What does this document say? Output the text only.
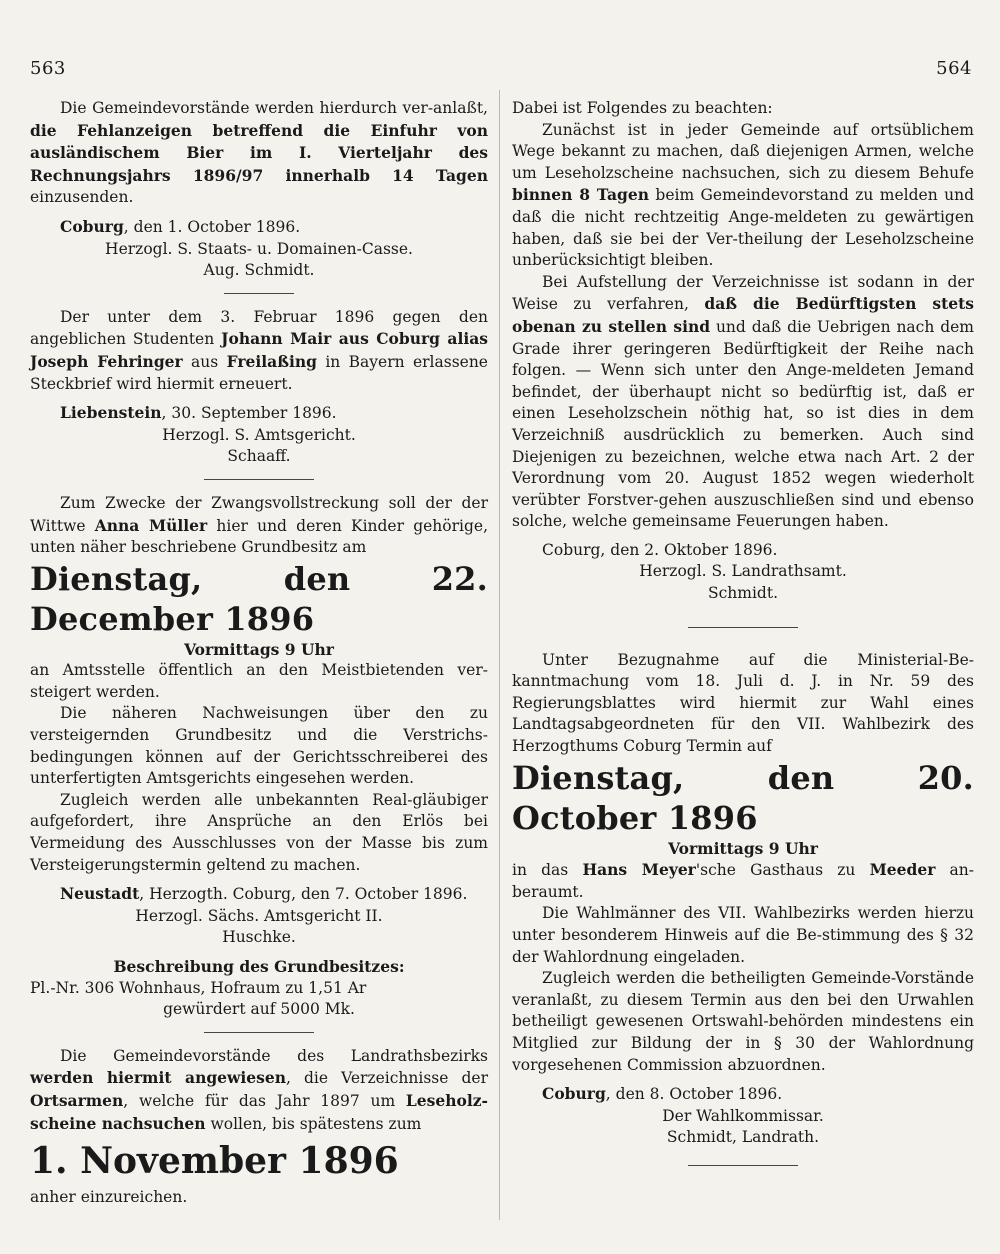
563	564

Die Gemeindevorstände werden hierdurch ver-anlaßt, die Fehlanzeigen betreffend die Einfuhr von ausländischem Bier im I. Vierteljahr des Rechnungsjahrs 1896/97 innerhalb 14 Tagen einzusenden.

Coburg, den 1. October 1896.

Herzogl. S. Staats- u. Domainen-Casse.

Aug. Schmidt.

Der unter dem 3. Februar 1896 gegen den angeblichen Studenten Johann Mair aus Coburg alias Joseph Fehringer aus Freilaßing in Bayern erlassene Steckbrief wird hiermit erneuert.

Liebenstein, 30. September 1896.

Herzogl. S. Amtsgericht.

Schaaff.

Zum Zwecke der Zwangsvollstreckung soll der der Wittwe Anna Müller hier und deren Kinder gehörige, unten näher beschriebene Grundbesitz am

Dienstag, den 22. December 1896

Vormittags 9 Uhr

an Amtsstelle öffentlich an den Meistbietenden ver-steigert werden.

Die näheren Nachweisungen über den zu versteigernden Grundbesitz und die Verstrichs-bedingungen können auf der Gerichtsschreiberei des unterfertigten Amtsgerichts eingesehen werden.

Zugleich werden alle unbekannten Real-gläubiger aufgefordert, ihre Ansprüche an den Erlös bei Vermeidung des Ausschlusses von der Masse bis zum Versteigerungstermin geltend zu machen.

Neustadt, Herzogth. Coburg, den 7. October 1896.

Herzogl. Sächs. Amtsgericht II.

Huschke.

Beschreibung des Grundbesitzes:

Pl.-Nr. 306 Wohnhaus, Hofraum zu 1,51 Ar

gewürdert auf 5000 Mk.

Die Gemeindevorstände des Landrathsbezirks werden hiermit angewiesen, die Verzeichnisse der Ortsarmen, welche für das Jahr 1897 um Leseholz-scheine nachsuchen wollen, bis spätestens zum

1. November 1896

anher einzureichen.

Dabei ist Folgendes zu beachten:

Zunächst ist in jeder Gemeinde auf ortsüblichem Wege bekannt zu machen, daß diejenigen Armen, welche um Leseholzscheine nachsuchen, sich zu diesem Behufe binnen 8 Tagen beim Gemeindevorstand zu melden und daß die nicht rechtzeitig Ange-meldeten zu gewärtigen haben, daß sie bei der Ver-theilung der Leseholzscheine unberücksichtigt bleiben.

Bei Aufstellung der Verzeichnisse ist sodann in der Weise zu verfahren, daß die Bedürftigsten stets obenan zu stellen sind und daß die Uebrigen nach dem Grade ihrer geringeren Bedürftigkeit der Reihe nach folgen. — Wenn sich unter den Ange-meldeten Jemand befindet, der überhaupt nicht so bedürftig ist, daß er einen Leseholzschein nöthig hat, so ist dies in dem Verzeichniß ausdrücklich zu bemerken. Auch sind Diejenigen zu bezeichnen, welche etwa nach Art. 2 der Verordnung vom 20. August 1852 wegen wiederholt verübter Forstver-gehen auszuschließen sind und ebenso solche, welche gemeinsame Feuerungen haben.

Coburg, den 2. Oktober 1896.

Herzogl. S. Landrathsamt.

Schmidt.

Unter Bezugnahme auf die Ministerial-Be-kanntmachung vom 18. Juli d. J. in Nr. 59 des Regierungsblattes wird hiermit zur Wahl eines Landtagsabgeordneten für den VII. Wahlbezirk des Herzogthums Coburg Termin auf

Dienstag, den 20. October 1896

Vormittags 9 Uhr

in das Hans Meyer'sche Gasthaus zu Meeder an-beraumt.

Die Wahlmänner des VII. Wahlbezirks werden hierzu unter besonderem Hinweis auf die Be-stimmung des § 32 der Wahlordnung eingeladen.

Zugleich werden die betheiligten Gemeinde-Vorstände veranlaßt, zu diesem Termin aus den bei den Urwahlen betheiligt gewesenen Ortswahl-behörden mindestens ein Mitglied zur Bildung der in § 30 der Wahlordnung vorgesehenen Commission abzuordnen.

Coburg, den 8. October 1896.

Der Wahlkommissar.

Schmidt, Landrath.
